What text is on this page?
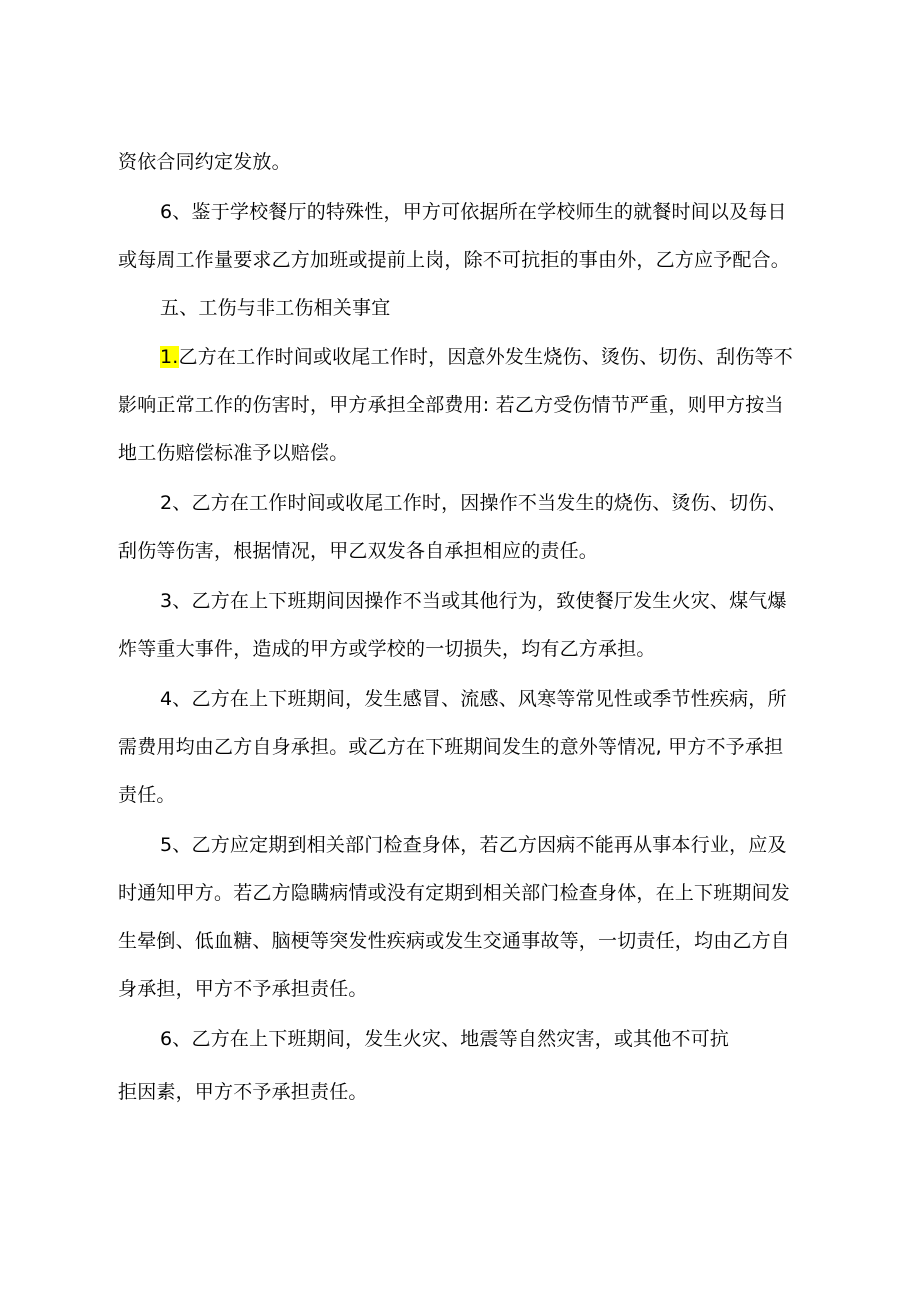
资依合同约定发放。
6、鉴于学校餐厅的特殊性，甲方可依据所在学校师生的就餐时间以及每日
或每周工作量要求乙方加班或提前上岗，除不可抗拒的事由外，乙方应予配合。
五、工伤与非工伤相关事宜
1.乙方在工作时间或收尾工作时，因意外发生烧伤、烫伤、切伤、刮伤等不
影响正常工作的伤害时，甲方承担全部费用: 若乙方受伤情节严重，则甲方按当
地工伤赔偿标准予以赔偿。
2、乙方在工作时间或收尾工作时，因操作不当发生的烧伤、烫伤、切伤、
刮伤等伤害，根据情况，甲乙双发各自承担相应的责任。
3、乙方在上下班期间因操作不当或其他行为，致使餐厅发生火灾、煤气爆
炸等重大事件，造成的甲方或学校的一切损失，均有乙方承担。
4、乙方在上下班期间，发生感冒、流感、风寒等常见性或季节性疾病，所
需费用均由乙方自身承担。或乙方在下班期间发生的意外等情况, 甲方不予承担
责任。
5、乙方应定期到相关部门检查身体，若乙方因病不能再从事本行业，应及
时通知甲方。若乙方隐瞒病情或没有定期到相关部门检查身体，在上下班期间发
生晕倒、低血糖、脑梗等突发性疾病或发生交通事故等，一切责任，均由乙方自
身承担，甲方不予承担责任。
6、乙方在上下班期间，发生火灾、地震等自然灾害，或其他不可抗
拒因素，甲方不予承担责任。
